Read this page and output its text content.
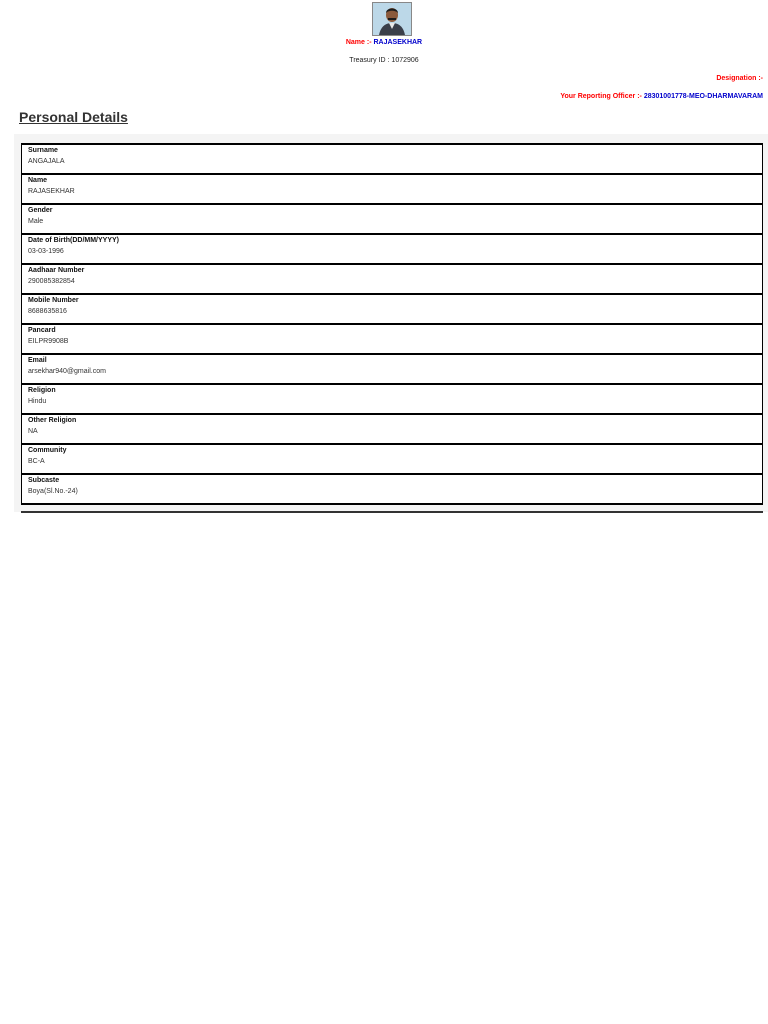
Name :- RAJASEKHAR
Treasury ID : 1072906
Designation :-
Your Reporting Officer :- 28301001778-MEO-DHARMAVARAM
Personal Details
Surname
ANGAJALA
Name
RAJASEKHAR
Gender
Male
Date of Birth(DD/MM/YYYY)
03-03-1996
Aadhaar Number
290085382854
Mobile Number
8688635816
Pancard
EILPR9908B
Email
arsekhar940@gmail.com
Religion
Hindu
Other Religion
NA
Community
BC-A
Subcaste
Boya(Sl.No.-24)
